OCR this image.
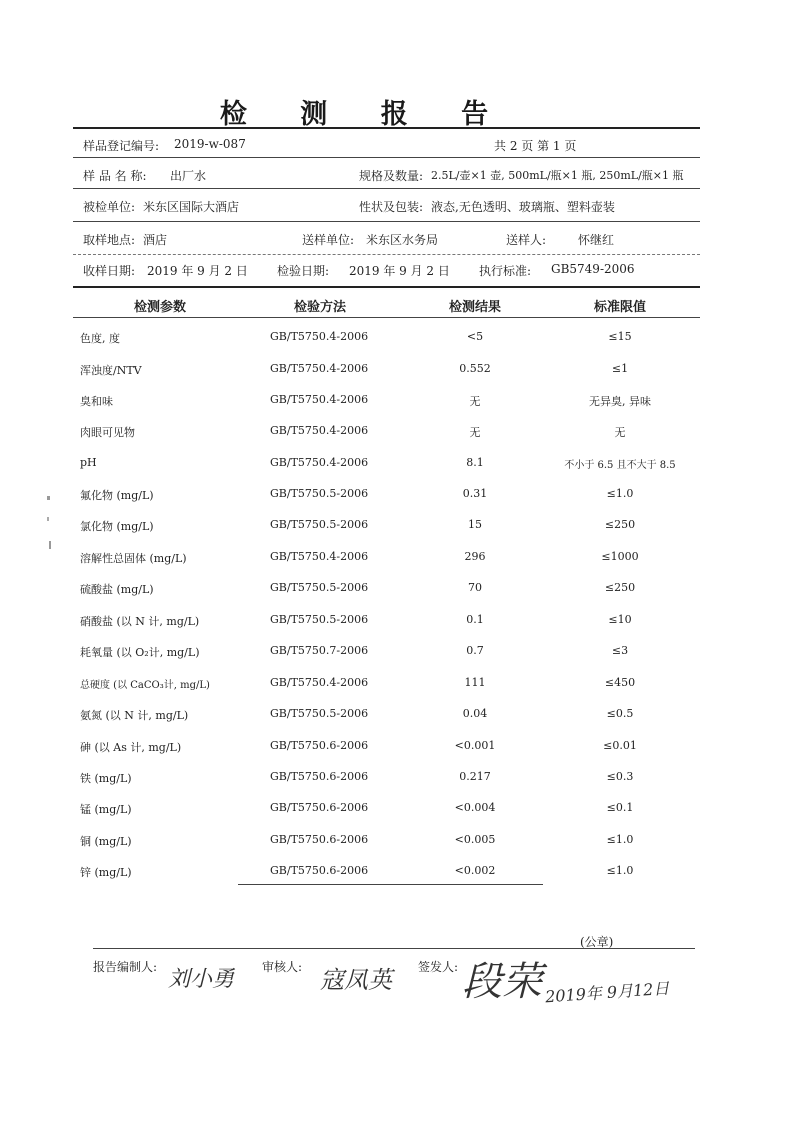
检 测 报 告
样品登记编号: 2019-w-087	共 2 页 第 1 页
样 品 名 称: 出厂水	规格及数量: 2.5L/壶×1 壶, 500mL/瓶×1 瓶, 250mL/瓶×1 瓶
被检单位: 米东区国际大酒店	性状及包装: 液态,无色透明、玻璃瓶、塑料壶装
取样地点: 酒店	送样单位: 米东区水务局	送样人:	怀继红
收样日期: 2019 年 9 月 2 日 检验日期: 2019 年 9 月 2 日 执行标准: GB5749-2006
检测参数	检验方法	检测结果	标准限值
色度, 度	GB/T5750.4-2006	<5	≤15
浑浊度/NTV	GB/T5750.4-2006	0.552	≤1
臭和味	GB/T5750.4-2006	无	无异臭, 异味
肉眼可见物	GB/T5750.4-2006	无	无
pH	GB/T5750.4-2006	8.1	不小于 6.5 且不大于 8.5
氟化物 (mg/L)	GB/T5750.5-2006	0.31	≤1.0
氯化物 (mg/L)	GB/T5750.5-2006	15	≤250
溶解性总固体 (mg/L)	GB/T5750.4-2006	296	≤1000
硫酸盐 (mg/L)	GB/T5750.5-2006	70	≤250
硝酸盐 (以 N 计, mg/L)	GB/T5750.5-2006	0.1	≤10
耗氧量 (以 O₂计, mg/L)	GB/T5750.7-2006	0.7	≤3
总硬度 (以 CaCO₃计, mg/L)	GB/T5750.4-2006	111	≤450
氨氮 (以 N 计, mg/L)	GB/T5750.5-2006	0.04	≤0.5
砷 (以 As 计, mg/L)	GB/T5750.6-2006	<0.001	≤0.01
铁 (mg/L)	GB/T5750.6-2006	0.217	≤0.3
锰 (mg/L)	GB/T5750.6-2006	<0.004	≤0.1
铜 (mg/L)	GB/T5750.6-2006	<0.005	≤1.0
锌 (mg/L)	GB/T5750.6-2006	<0.002	≤1.0
(公章)
报告编制人: 刘小勇 审核人: 寇凤英 签发人: 段荣 2019年 9月12日
